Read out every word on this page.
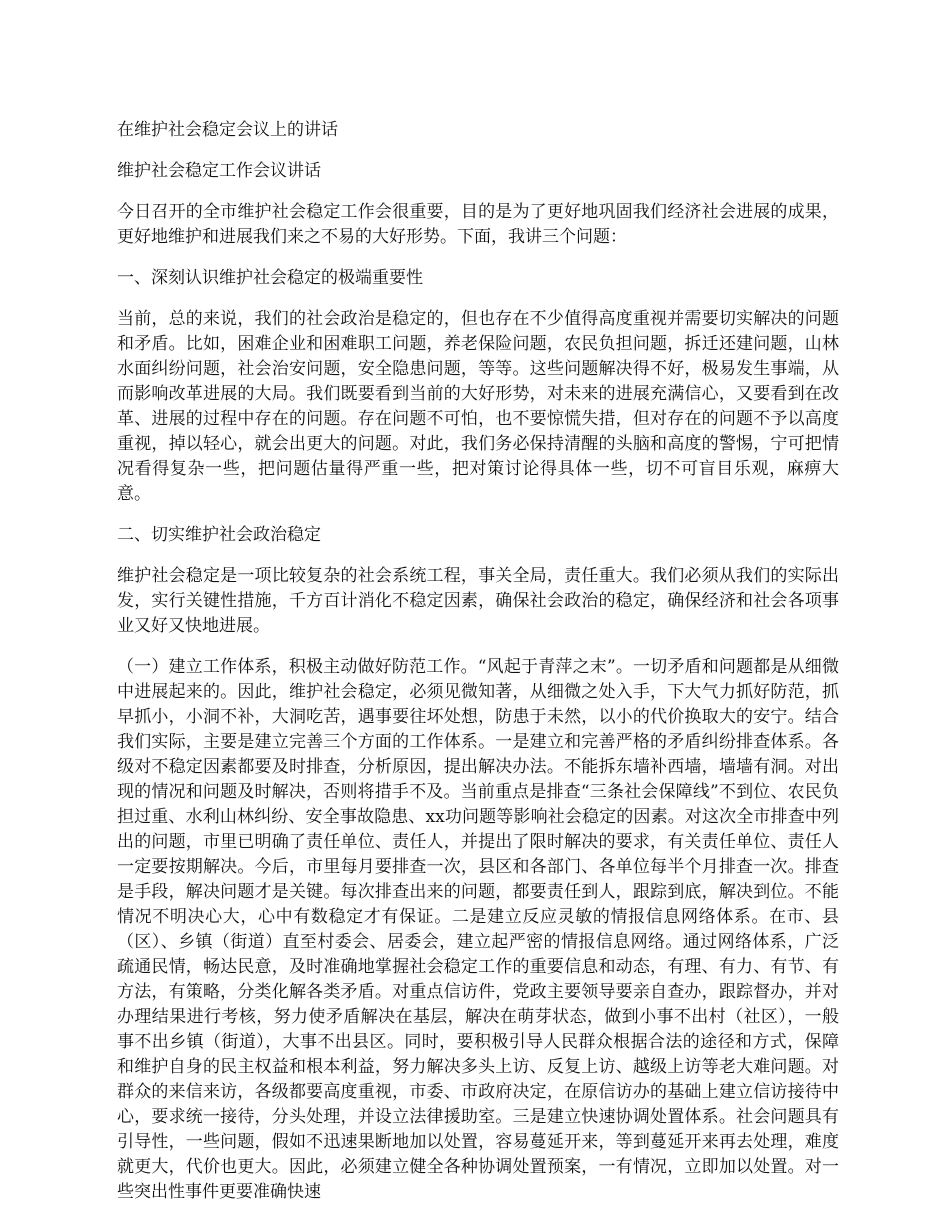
在维护社会稳定会议上的讲话

维护社会稳定工作会议讲话

今日召开的全市维护社会稳定工作会很重要，目的是为了更好地巩固我们经济社会进展的成果，更好地维护和进展我们来之不易的大好形势。下面，我讲三个问题：

一、深刻认识维护社会稳定的极端重要性

当前，总的来说，我们的社会政治是稳定的，但也存在不少值得高度重视并需要切实解决的问题和矛盾。比如，困难企业和困难职工问题，养老保险问题，农民负担问题，拆迁还建问题，山林水面纠纷问题，社会治安问题，安全隐患问题，等等。这些问题解决得不好，极易发生事端，从而影响改革进展的大局。我们既要看到当前的大好形势，对未来的进展充满信心，又要看到在改革、进展的过程中存在的问题。存在问题不可怕，也不要惊慌失措，但对存在的问题不予以高度重视，掉以轻心，就会出更大的问题。对此，我们务必保持清醒的头脑和高度的警惕，宁可把情况看得复杂一些，把问题估量得严重一些，把对策讨论得具体一些，切不可盲目乐观，麻痹大意。

二、切实维护社会政治稳定

维护社会稳定是一项比较复杂的社会系统工程，事关全局，责任重大。我们必须从我们的实际出发，实行关键性措施，千方百计消化不稳定因素，确保社会政治的稳定，确保经济和社会各项事业又好又快地进展。

（一）建立工作体系，积极主动做好防范工作。“风起于青萍之末”。一切矛盾和问题都是从细微中进展起来的。因此，维护社会稳定，必须见微知著，从细微之处入手，下大气力抓好防范，抓早抓小，小洞不补，大洞吃苦，遇事要往坏处想，防患于未然，以小的代价换取大的安宁。结合我们实际，主要是建立完善三个方面的工作体系。一是建立和完善严格的矛盾纠纷排查体系。各级对不稳定因素都要及时排查，分析原因，提出解决办法。不能拆东墙补西墙，墙墙有洞。对出现的情况和问题及时解决，否则将措手不及。当前重点是排查“三条社会保障线”不到位、农民负担过重、水利山林纠纷、安全事故隐患、xx功问题等影响社会稳定的因素。对这次全市排查中列出的问题，市里已明确了责任单位、责任人，并提出了限时解决的要求，有关责任单位、责任人一定要按期解决。今后，市里每月要排查一次，县区和各部门、各单位每半个月排查一次。排查是手段，解决问题才是关键。每次排查出来的问题，都要责任到人，跟踪到底，解决到位。不能情况不明决心大，心中有数稳定才有保证。二是建立反应灵敏的情报信息网络体系。在市、县（区）、乡镇（街道）直至村委会、居委会，建立起严密的情报信息网络。通过网络体系，广泛疏通民情，畅达民意，及时准确地掌握社会稳定工作的重要信息和动态，有理、有力、有节、有方法，有策略，分类化解各类矛盾。对重点信访件，党政主要领导要亲自查办，跟踪督办，并对办理结果进行考核，努力使矛盾解决在基层，解决在萌芽状态，做到小事不出村（社区），一般事不出乡镇（街道），大事不出县区。同时，要积极引导人民群众根据合法的途径和方式，保障和维护自身的民主权益和根本利益，努力解决多头上访、反复上访、越级上访等老大难问题。对群众的来信来访，各级都要高度重视，市委、市政府决定，在原信访办的基础上建立信访接待中心，要求统一接待，分头处理，并设立法律援助室。三是建立快速协调处置体系。社会问题具有引导性，一些问题，假如不迅速果断地加以处置，容易蔓延开来，等到蔓延开来再去处理，难度就更大，代价也更大。因此，必须建立健全各种协调处置预案，一有情况，立即加以处置。对一些突出性事件更要准确快速
